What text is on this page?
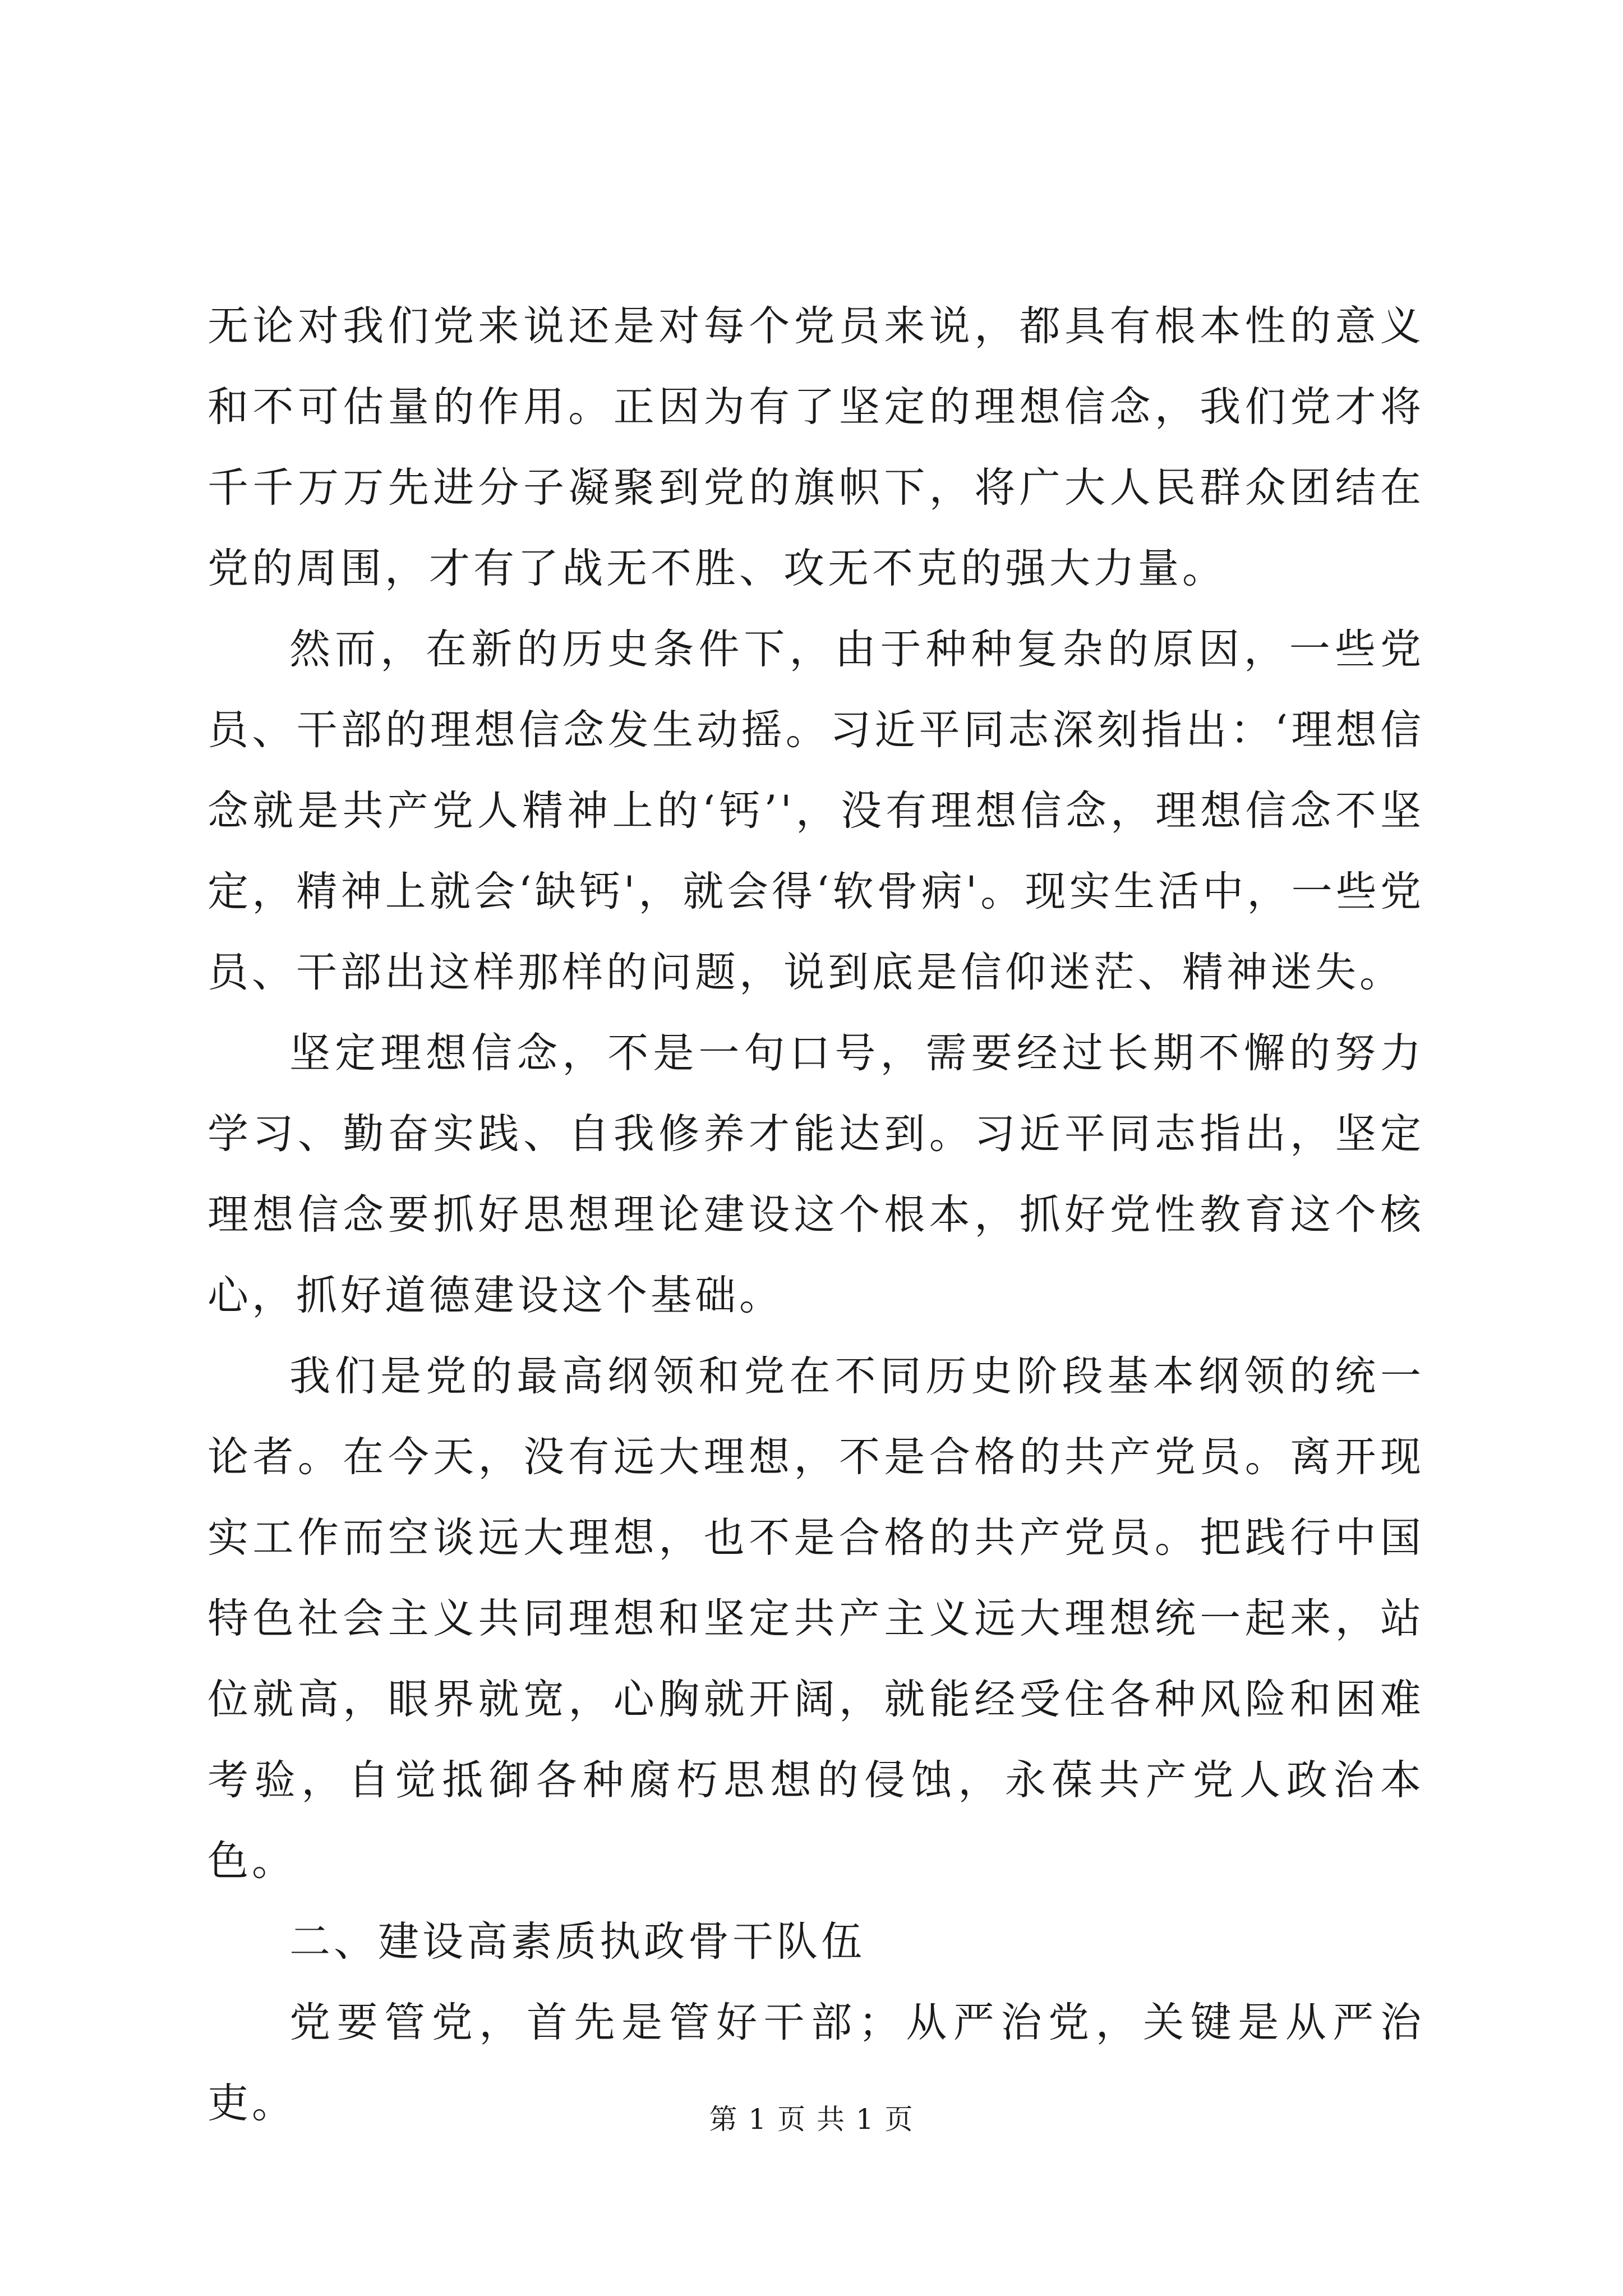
无论对我们党来说还是对每个党员来说，都具有根本性的意义和不可估量的作用。正因为有了坚定的理想信念，我们党才将千千万万先进分子凝聚到党的旗帜下，将广大人民群众团结在党的周围，才有了战无不胜、攻无不克的强大力量。

然而，在新的历史条件下，由于种种复杂的原因，一些党员、干部的理想信念发生动摇。习近平同志深刻指出：‘理想信念就是共产党人精神上的‘钙’'，没有理想信念，理想信念不坚定，精神上就会‘缺钙'，就会得‘软骨病'。现实生活中，一些党员、干部出这样那样的问题，说到底是信仰迷茫、精神迷失。

坚定理想信念，不是一句口号，需要经过长期不懈的努力学习、勤奋实践、自我修养才能达到。习近平同志指出，坚定理想信念要抓好思想理论建设这个根本，抓好党性教育这个核心，抓好道德建设这个基础。

我们是党的最高纲领和党在不同历史阶段基本纲领的统一论者。在今天，没有远大理想，不是合格的共产党员。离开现实工作而空谈远大理想，也不是合格的共产党员。把践行中国特色社会主义共同理想和坚定共产主义远大理想统一起来，站位就高，眼界就宽，心胸就开阔，就能经受住各种风险和困难考验，自觉抵御各种腐朽思想的侵蚀，永葆共产党人政治本色。

二、建设高素质执政骨干队伍

党要管党，首先是管好干部；从严治党，关键是从严治吏。	第 1 页 共 1 页
